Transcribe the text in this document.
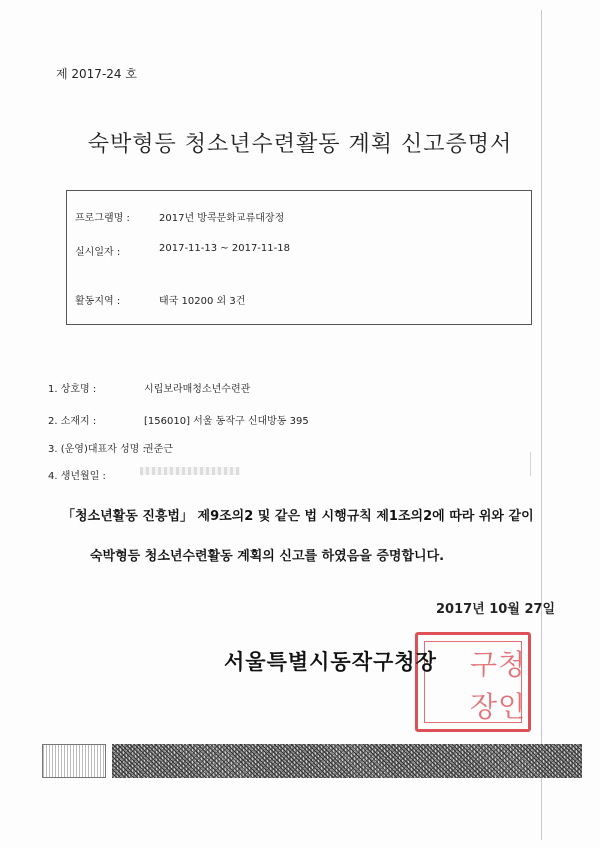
제 2017-24 호
숙박형등 청소년수련활동 계획 신고증명서
프로그램명 :	2017년 방콕문화교류대장정
실시일자 :	2017-11-13 ~ 2017-11-18
활동지역 :	태국 10200 외 3건
1. 상호명 :	시립보라매청소년수련관
2. 소재지 :	[156010] 서울 동작구 신대방동 395
3. (운영)대표자 성명 :
권준근
4. 생년월일 :
「청소년활동 진흥법」 제9조의2 및 같은 법 시행규칙 제1조의2에 따라 위와 같이
숙박형등 청소년수련활동 계획의 신고를 하였음을 증명합니다.
2017년 10월 27일
구 청
장 인
서울특별시동작구청장
